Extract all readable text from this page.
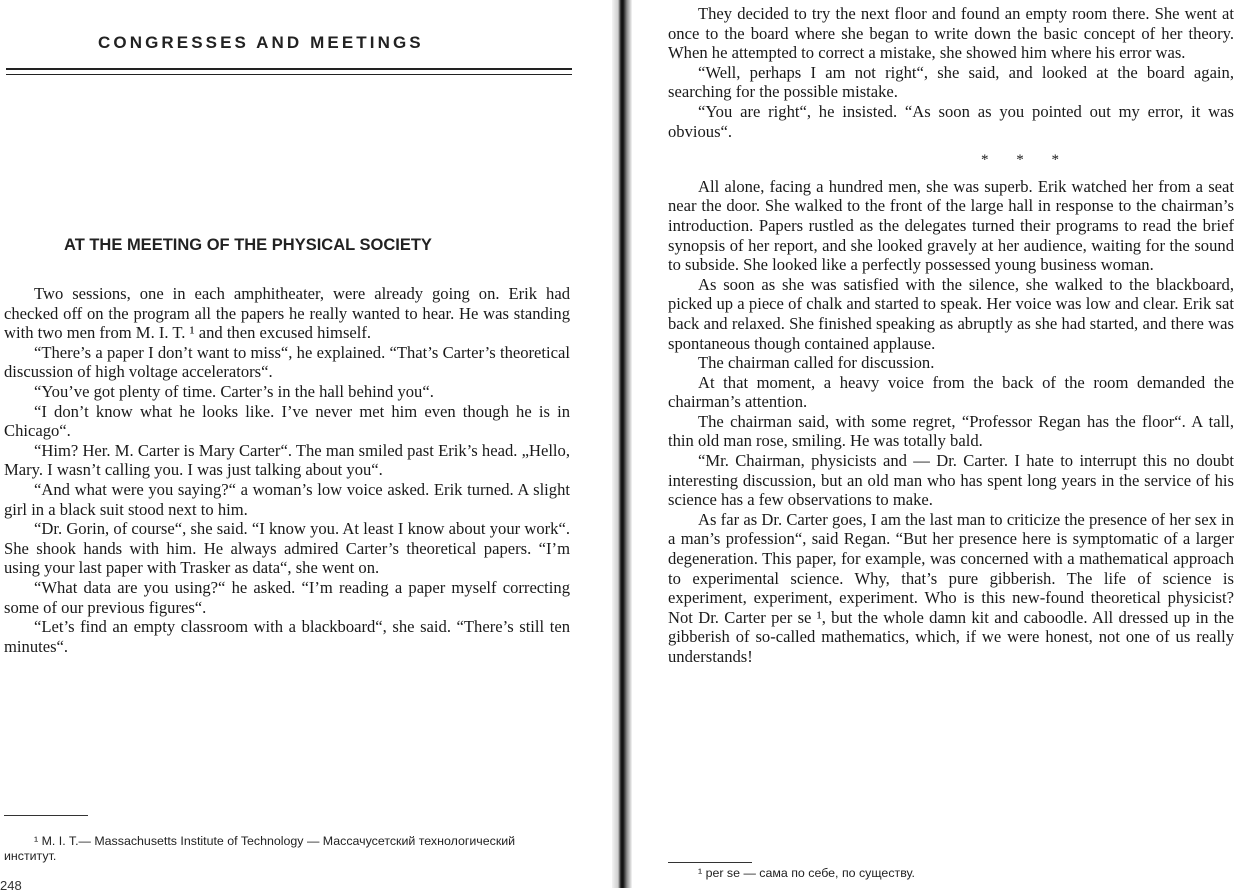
CONGRESSES AND MEETINGS
AT THE MEETING OF THE PHYSICAL SOCIETY

Two sessions, one in each amphitheater, were already going on. Erik had checked off on the program all the papers he really wanted to hear. He was standing with two men from M. I. T. ¹ and then excused himself.

“There’s a paper I don’t want to miss“, he explained. “That’s Carter’s theoretical discussion of high voltage accelerators“.

“You’ve got plenty of time. Carter’s in the hall behind you“.

“I don’t know what he looks like. I’ve never met him even though he is in Chicago“.

“Him? Her. M. Carter is Mary Carter“. The man smiled past Erik’s head. „Hello, Mary. I wasn’t calling you. I was just talking about you“.

“And what were you saying?“ a woman’s low voice asked. Erik turned. A slight girl in a black suit stood next to him.

“Dr. Gorin, of course“, she said. “I know you. At least I know about your work“. She shook hands with him. He always admired Carter’s theoretical papers. “I’m using your last paper with Trasker as data“, she went on.

“What data are you using?“ he asked. “I’m reading a paper myself correcting some of our previous figures“.

“Let’s find an empty classroom with a blackboard“, she said. “There’s still ten minutes“.

¹ M. I. T.— Massachusetts Institute of Technology — Массачусетский технологический институт.
248

They decided to try the next floor and found an empty room there. She went at once to the board where she began to write down the basic concept of her theory. When he attempted to correct a mistake, she showed him where his error was.

“Well, perhaps I am not right“, she said, and looked at the board again, searching for the possible mistake.

“You are right“, he insisted. “As soon as you pointed out my error, it was obvious“.

* * *

All alone, facing a hundred men, she was superb. Erik watched her from a seat near the door. She walked to the front of the large hall in response to the chairman’s introduction. Papers rustled as the delegates turned their programs to read the brief synopsis of her report, and she looked gravely at her audience, waiting for the sound to subside. She looked like a perfectly possessed young business woman.

As soon as she was satisfied with the silence, she walked to the blackboard, picked up a piece of chalk and started to speak. Her voice was low and clear. Erik sat back and relaxed. She finished speaking as abruptly as she had started, and there was spontaneous though contained applause.

The chairman called for discussion.

At that moment, a heavy voice from the back of the room demanded the chairman’s attention.

The chairman said, with some regret, “Professor Regan has the floor“. A tall, thin old man rose, smiling. He was totally bald.

“Mr. Chairman, physicists and — Dr. Carter. I hate to interrupt this no doubt interesting discussion, but an old man who has spent long years in the service of his science has a few observations to make.

As far as Dr. Carter goes, I am the last man to criticize the presence of her sex in a man’s profession“, said Regan. “But her presence here is symptomatic of a larger degeneration. This paper, for example, was concerned with a mathematical approach to experimental science. Why, that’s pure gibberish. The life of science is experiment, experiment, experiment. Who is this new-found theoretical physicist? Not Dr. Carter per se ¹, but the whole damn kit and caboodle. All dressed up in the gibberish of so-called mathematics, which, if we were honest, not one of us really understands!

¹ per se — сама по себе, по существу.
